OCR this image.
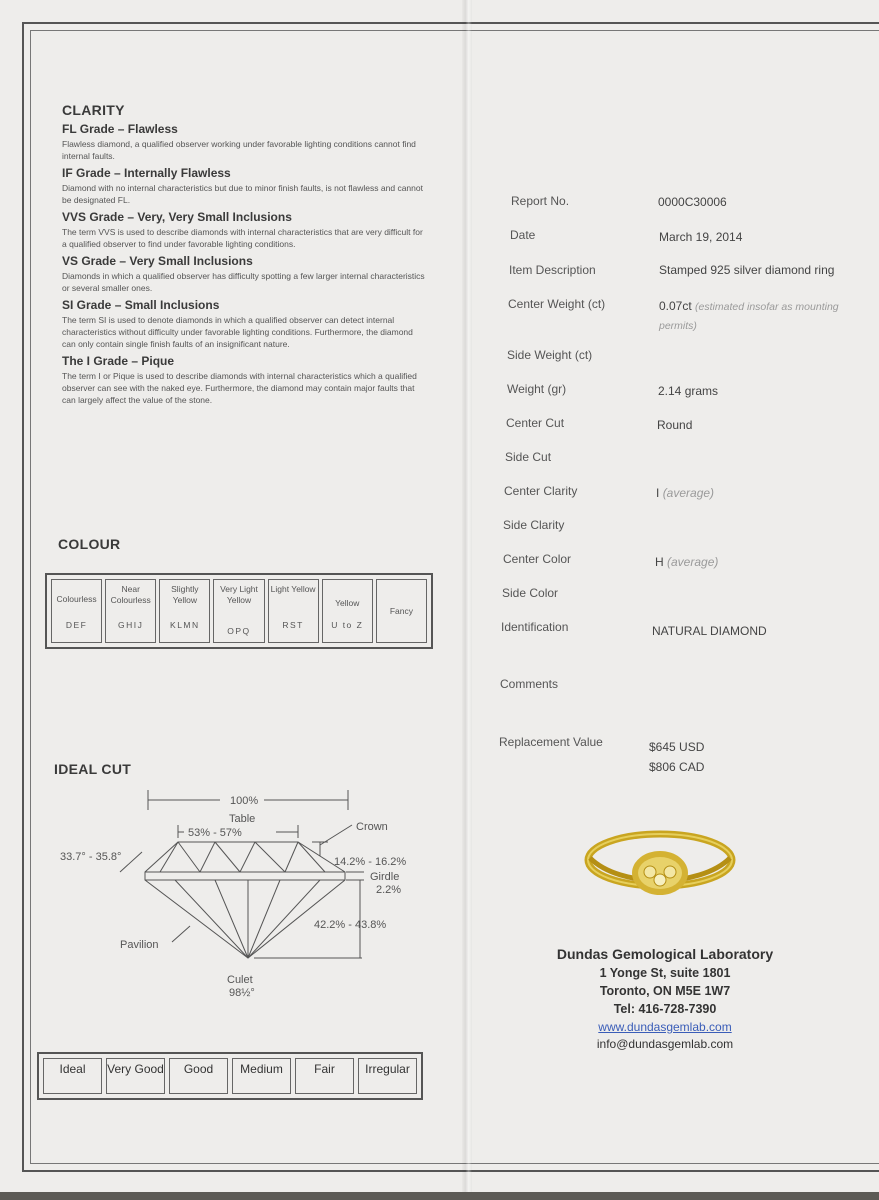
CLARITY
FL Grade – Flawless
Flawless diamond, a qualified observer working under favorable lighting conditions cannot find internal faults.
IF Grade – Internally Flawless
Diamond with no internal characteristics but due to minor finish faults, is not flawless and cannot be designated FL.
VVS Grade – Very, Very Small Inclusions
The term VVS is used to describe diamonds with internal characteristics that are very difficult for a qualified observer to find under favorable lighting conditions.
VS Grade – Very Small Inclusions
Diamonds in which a qualified observer has difficulty spotting a few larger internal characteristics or several smaller ones.
SI Grade – Small Inclusions
The term SI is used to denote diamonds in which a qualified observer can detect internal characteristics without difficulty under favorable lighting conditions. Furthermore, the diamond can only contain single finish faults of an insignificant nature.
The I Grade – Pique
The term I or Pique is used to describe diamonds with internal characteristics which a qualified observer can see with the naked eye. Furthermore, the diamond may contain major faults that can largely affect the value of the stone.
COLOUR
Colourless
DEF
Near Colourless
GHIJ
Slightly Yellow
KLMN
Very Light Yellow
OPQ
Light Yellow
RST
Yellow
U to Z
Fancy
IDEAL CUT
100%
Table
53% - 57%	Crown
33.7° - 35.8°	14.2% - 16.2%
Girdle
2.2%
42.2% - 43.8%
Pavilion
Culet
98½°
Ideal	Very Good	Good	Medium	Fair	Irregular
Report No.	0000C30006
Date	March 19, 2014
Item Description	Stamped 925 silver diamond ring
Center Weight (ct)	0.07ct (estimated insofar as mounting permits)
Side Weight (ct)
Weight (gr)	2.14 grams
Center Cut	Round
Side Cut
Center Clarity	I (average)
Side Clarity
Center Color	H (average)
Side Color
Identification	NATURAL DIAMOND
Comments
Replacement Value	$645 USD
$806 CAD
Dundas Gemological Laboratory
1 Yonge St, suite 1801
Toronto, ON M5E 1W7
Tel: 416-728-7390
www.dundasgemlab.com
info@dundasgemlab.com
